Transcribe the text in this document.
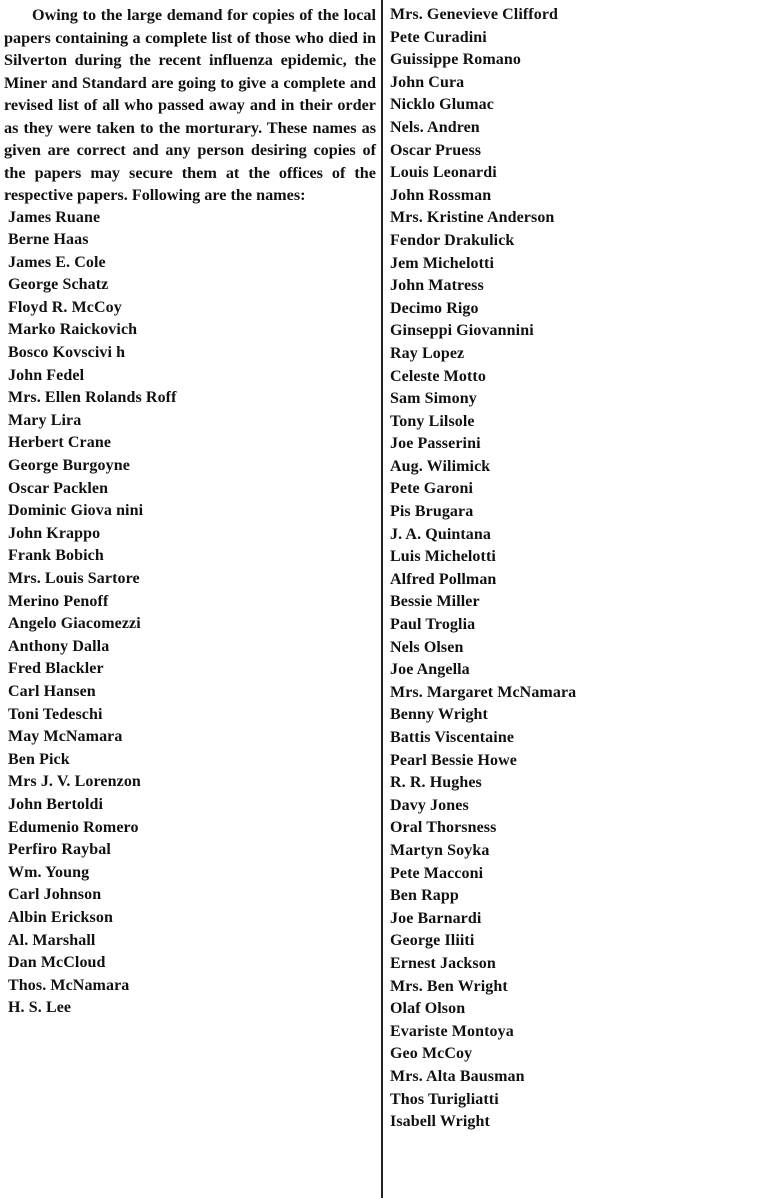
Owing to the large demand for copies of the local papers containing a complete list of those who died in Silverton during the recent influenza epidemic, the Miner and Standard are going to give a complete and revised list of all who passed away and in their order as they were taken to the morturary. These names as given are correct and any person desiring copies of the papers may secure them at the offices of the respective papers. Following are the names:

James Ruane
Berne Haas
James E. Cole
George Schatz
Floyd R. McCoy
Marko Raickovich
Bosco Kovscivi h
John Fedel
Mrs. Ellen Rolands Roff
Mary Lira
Herbert Crane
George Burgoyne
Oscar Packlen
Dominic Giova nini
John Krappo
Frank Bobich
Mrs. Louis Sartore
Merino Penoff
Angelo Giacomezzi
Anthony Dalla
Fred Blackler
Carl Hansen
Toni Tedeschi
May McNamara
Ben Pick
Mrs J. V. Lorenzon
John Bertoldi
Edumenio Romero
Perfiro Raybal
Wm. Young
Carl Johnson
Albin Erickson
Al. Marshall
Dan McCloud
Thos. McNamara
H. S. Lee
Mrs. Genevieve Clifford
Pete Curadini
Guissippe Romano
John Cura
Nicklo Glumac
Nels. Andren
Oscar Pruess
Louis Leonardi
John Rossman
Mrs. Kristine Anderson
Fendor Drakulick
Jem Michelotti
John Matress
Decimo Rigo
Ginseppi Giovannini
Ray Lopez
Celeste Motto
Sam Simony
Tony Lilsole
Joe Passerini
Aug. Wilimick
Pete Garoni
Pis Brugara
J. A. Quintana
Luis Michelotti
Alfred Pollman
Bessie Miller
Paul Troglia
Nels Olsen
Joe Angella
Mrs. Margaret McNamara
Benny Wright
Battis Viscentaine
Pearl Bessie Howe
R. R. Hughes
Davy Jones
Oral Thorsness
Martyn Soyka
Pete Macconi
Ben Rapp
Joe Barnardi
George Iliiti
Ernest Jackson
Mrs. Ben Wright
Olaf Olson
Evariste Montoya
Geo McCoy
Mrs. Alta Bausman
Thos Turigliatti
Isabell Wright
